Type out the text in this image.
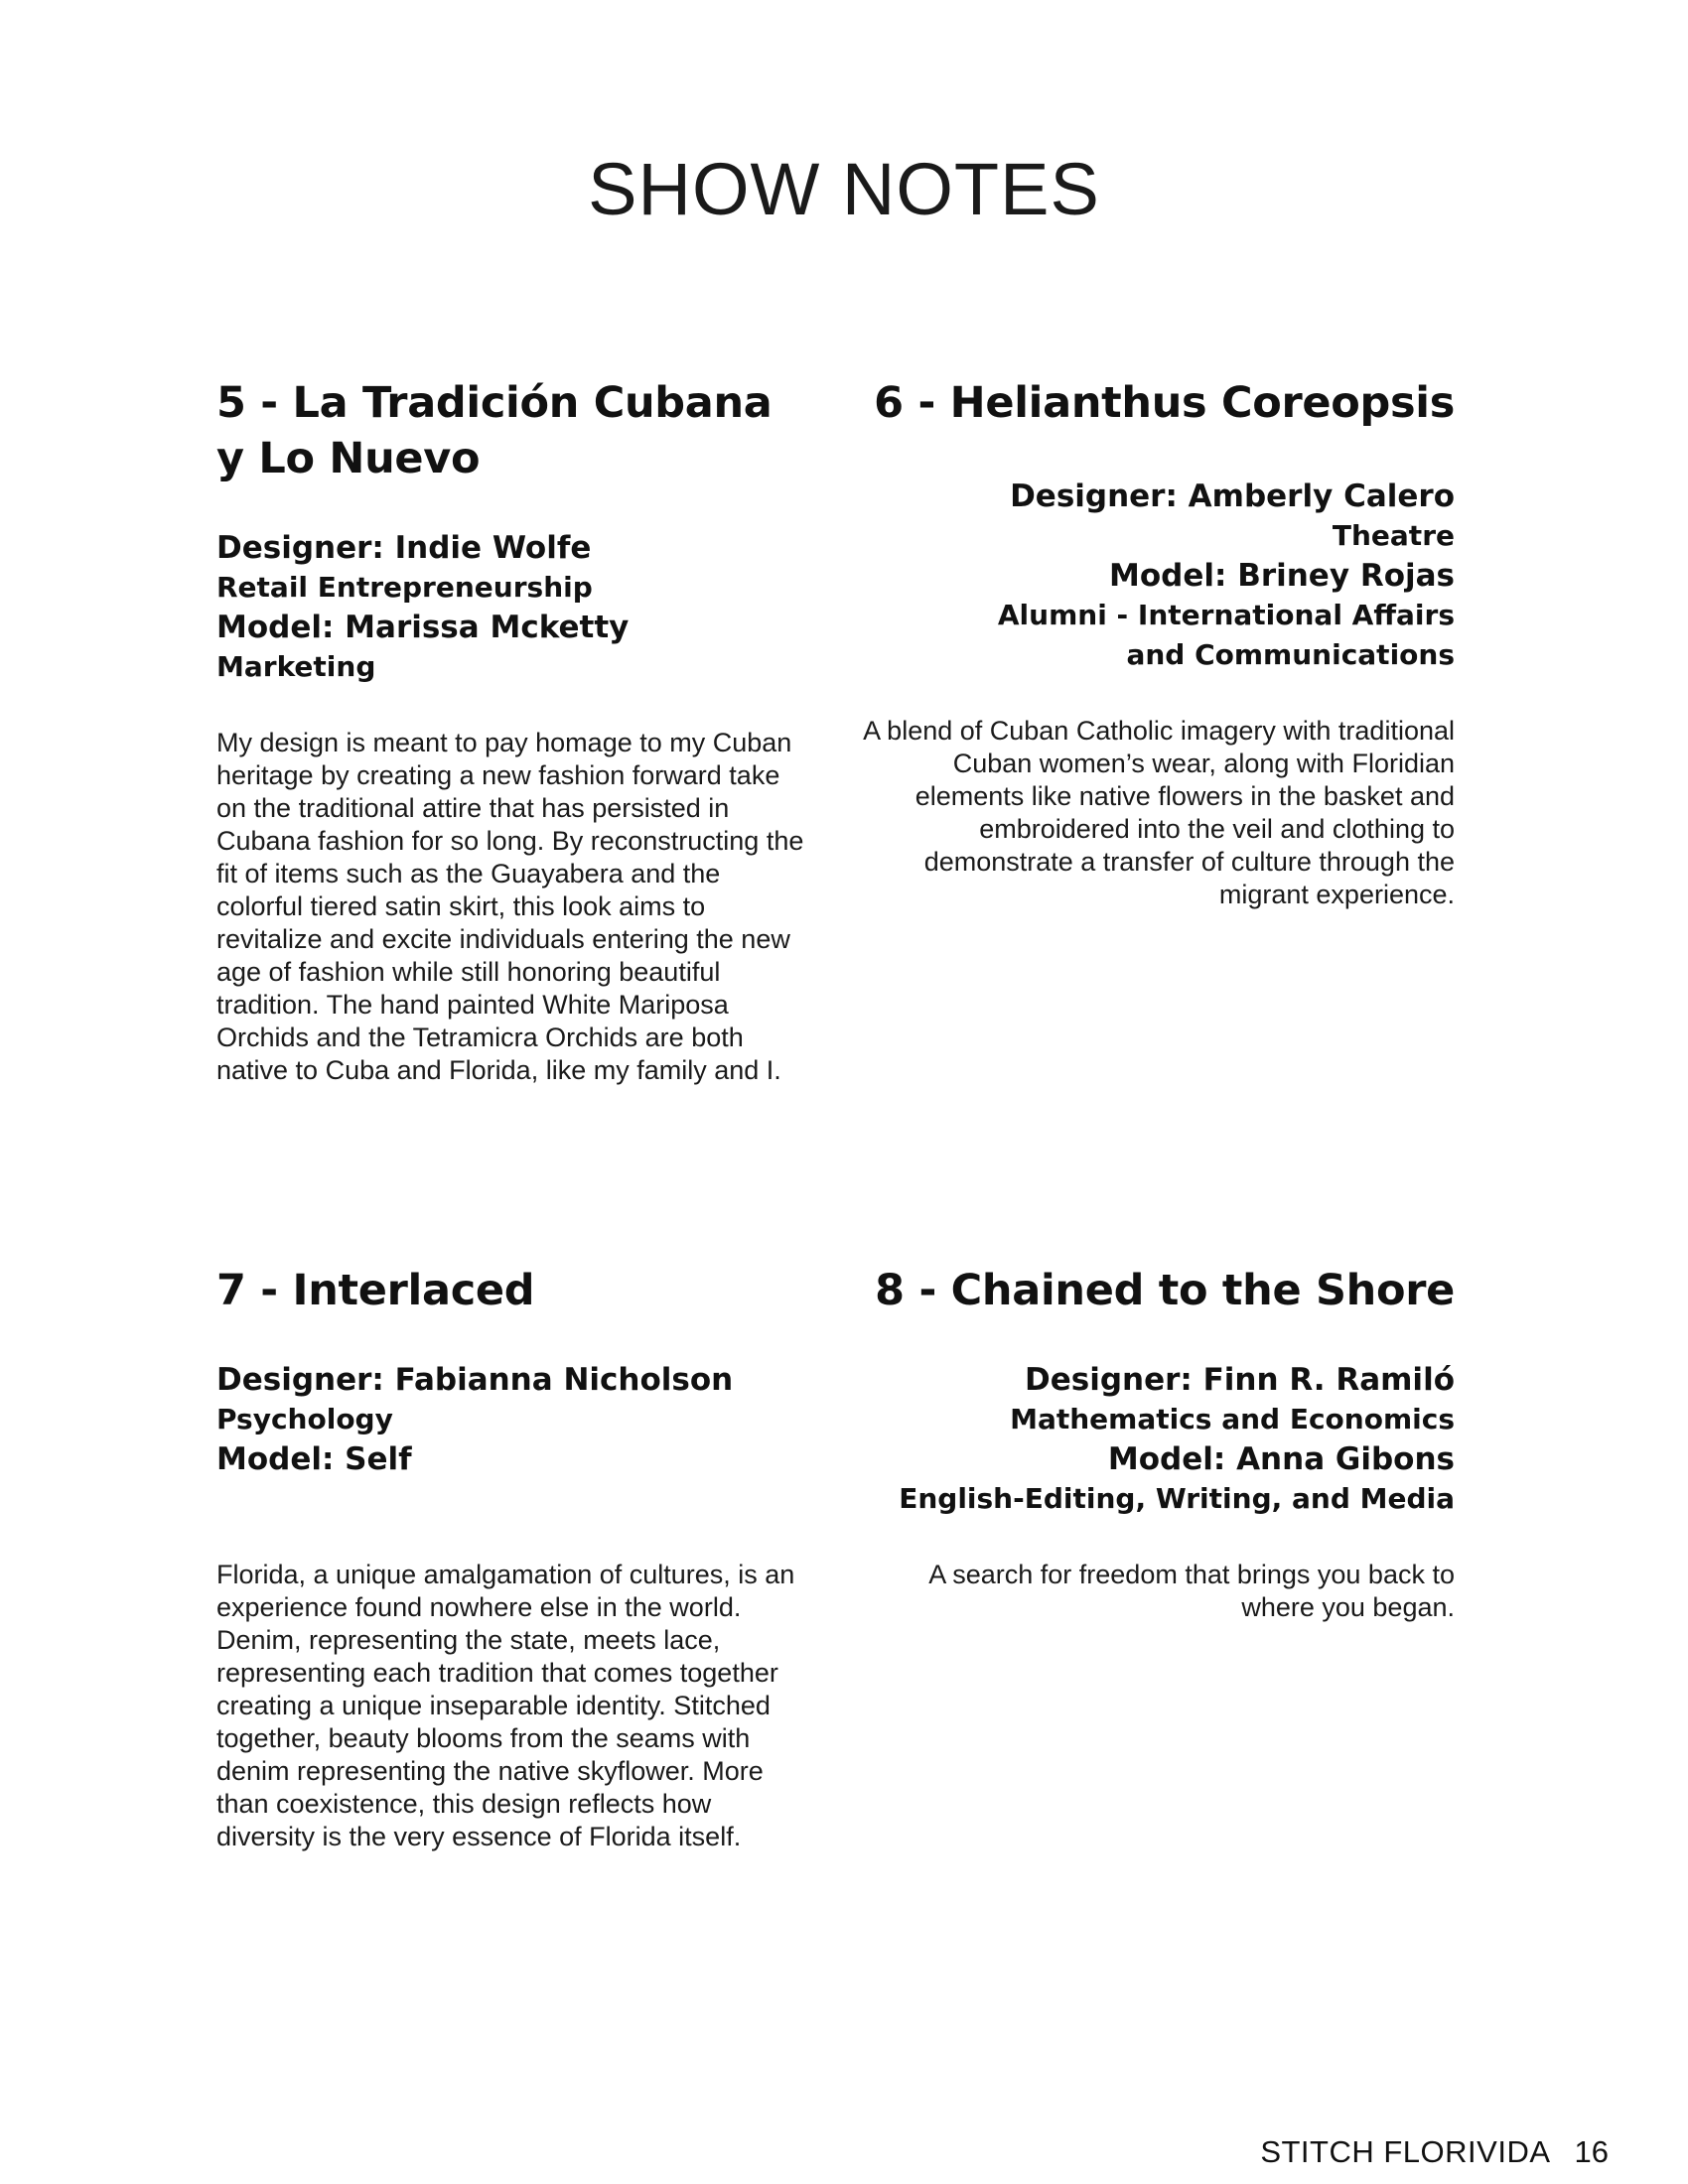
SHOW NOTES
5 - La Tradición Cubana
y Lo Nuevo
Designer: Indie Wolfe
Retail Entrepreneurship
Model: Marissa Mcketty
Marketing

My design is meant to pay homage to my Cuban heritage by creating a new fashion forward take on the traditional attire that has persisted in Cubana fashion for so long. By reconstructing the fit of items such as the Guayabera and the colorful tiered satin skirt, this look aims to revitalize and excite individuals entering the new age of fashion while still honoring beautiful tradition. The hand painted White Mariposa Orchids and the Tetramicra Orchids are both native to Cuba and Florida, like my family and I.

6 - Helianthus Coreopsis
Designer: Amberly Calero
Theatre
Model: Briney Rojas
Alumni - International Affairs
and Communications

A blend of Cuban Catholic imagery with traditional Cuban women’s wear, along with Floridian elements like native flowers in the basket and embroidered into the veil and clothing to demonstrate a transfer of culture through the migrant experience.

7 - Interlaced
Designer: Fabianna Nicholson
Psychology
Model: Self

Florida, a unique amalgamation of cultures, is an experience found nowhere else in the world. Denim, representing the state, meets lace, representing each tradition that comes together creating a unique inseparable identity. Stitched together, beauty blooms from the seams with denim representing the native skyflower. More than coexistence, this design reflects how diversity is the very essence of Florida itself.

8 - Chained to the Shore
Designer: Finn R. Ramiló
Mathematics and Economics
Model: Anna Gibons
English-Editing, Writing, and Media

A search for freedom that brings you back to where you began.

STITCH FLORIVIDA 16
